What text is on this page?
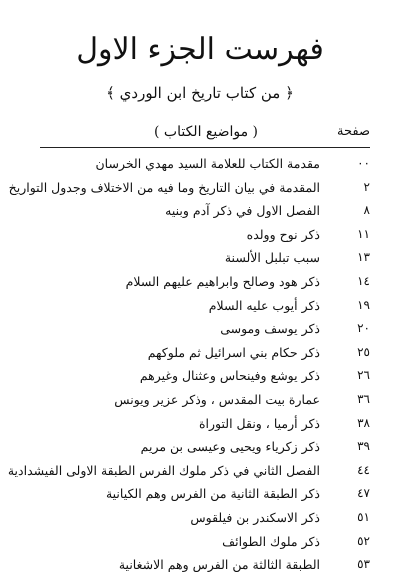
فهرست الجزء الاول
﴿ من كتاب تاريخ ابن الوردي ﴾
صفحة
( مواضيع الكتاب )
٠٠
مقدمة الكتاب للعلامة السيد مهدي الخرسان
٢
المقدمة في بيان التاريخ وما فيه من الاختلاف وجدول التواريخ
٨
الفصل الاول في ذكر آدم وبنيه
١١
ذكر نوح وولده
١٣
سبب تبلبل الألسنة
١٤
ذكر هود وصالح وابراهيم عليهم السلام
١٩
ذكر أيوب عليه السلام
٢٠
ذكر يوسف وموسى
٢٥
ذكر حكام بني اسرائيل ثم ملوكهم
٢٦
ذكر يوشع وفينحاس وعثنال وغيرهم
٣٦
عمارة بيت المقدس ، وذكر عزير ويونس
٣٨
ذكر أرميا ، ونقل التوراة
٣٩
ذكر زكرياء ويحيى وعيسى بن مريم
٤٤
الفصل الثاني في ذكر ملوك الفرس الطبقة الاولى الفيشدادية
٤٧
ذكر الطبقة الثانية من الفرس وهم الكيانية
٥١
ذكر الاسكندر بن فيلقوس
٥٢
ذكر ملوك الطوائف
٥٣
الطبقة الثالثة من الفرس وهم الاشغانية
